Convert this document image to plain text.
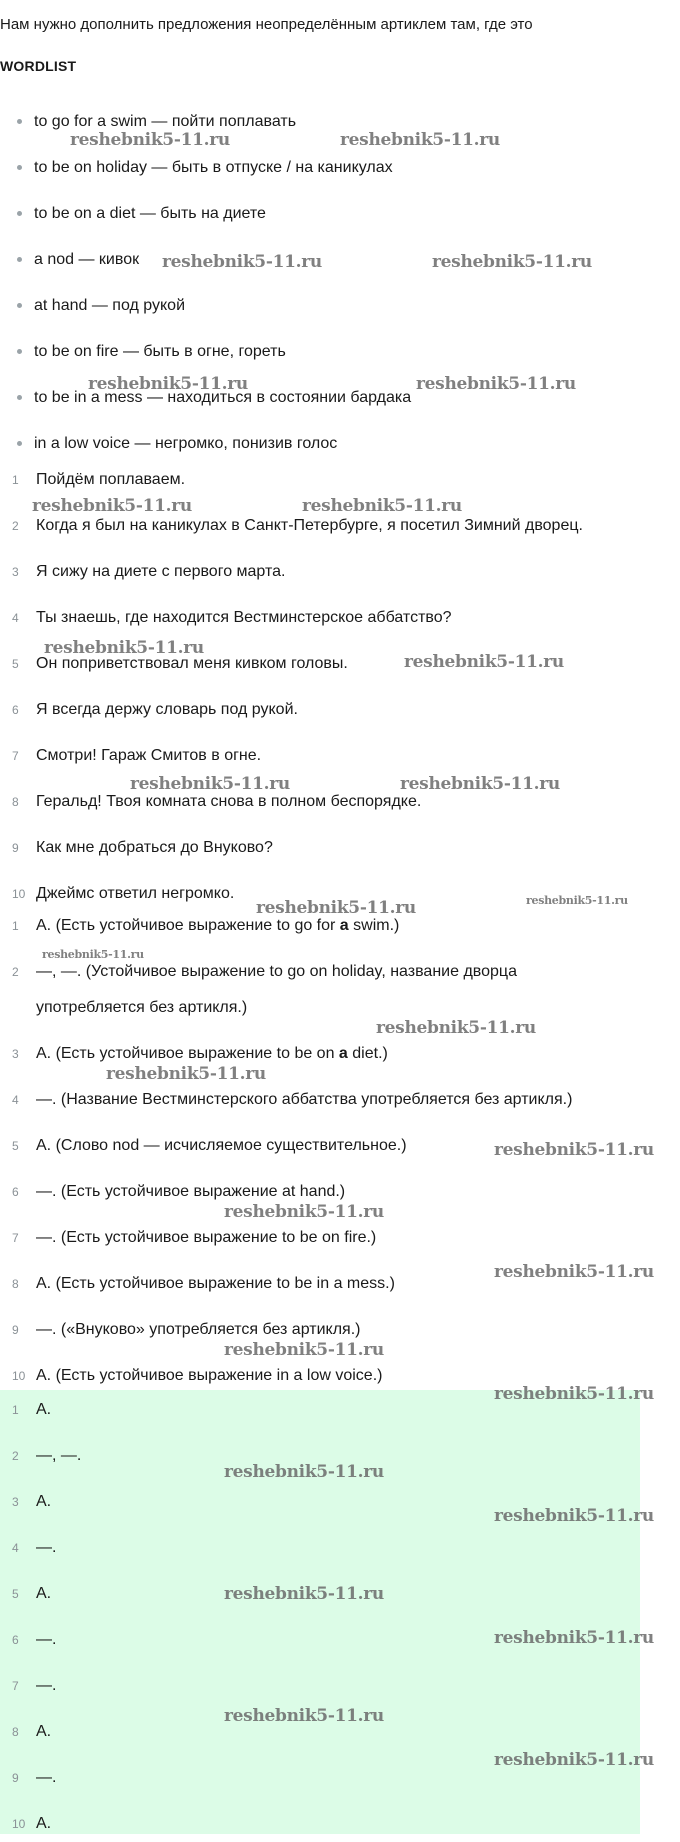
Нам нужно дополнить предложения неопределённым артиклем там, где это
WORDLIST
to go for a swim — пойти поплавать
to be on holiday — быть в отпуске / на каникулах
to be on a diet — быть на диете
a nod — кивок
at hand — под рукой
to be on fire — быть в огне, гореть
to be in a mess — находиться в состоянии бардака
in a low voice — негромко, понизив голос
1 Пойдём поплаваем.
2 Когда я был на каникулах в Санкт-Петербурге, я посетил Зимний дворец.
3 Я сижу на диете с первого марта.
4 Ты знаешь, где находится Вестминстерское аббатство?
5 Он поприветствовал меня кивком головы.
6 Я всегда держу словарь под рукой.
7 Смотри! Гараж Смитов в огне.
8 Геральд! Твоя комната снова в полном беспорядке.
9 Как мне добраться до Внуково?
10 Джеймс ответил негромко.
1 A. (Есть устойчивое выражение to go for a swim.)
2 —, —. (Устойчивое выражение to go on holiday, название дворца
употребляется без артикля.)
3 A. (Есть устойчивое выражение to be on a diet.)
4 —. (Название Вестминстерского аббатства употребляется без артикля.)
5 A. (Слово nod — исчисляемое существительное.)
6 —. (Есть устойчивое выражение at hand.)
7 —. (Есть устойчивое выражение to be on fire.)
8 A. (Есть устойчивое выражение to be in a mess.)
9 —. («Внуково» употребляется без артикля.)
10 A. (Есть устойчивое выражение in a low voice.)
1 A.
2 —, —.
3 A.
4 —.
5 A.
6 —.
7 —.
8 A.
9 —.
10 A.
reshebnik5-11.ru	reshebnik5-11.ru
reshebnik5-11.ru	reshebnik5-11.ru
reshebnik5-11.ru	reshebnik5-11.ru
reshebnik5-11.ru	reshebnik5-11.ru
reshebnik5-11.ru
reshebnik5-11.ru
reshebnik5-11.ru	reshebnik5-11.ru
reshebnik5-11.ru	reshebnik5-11.ru
reshebnik5-11.ru
reshebnik5-11.ru
reshebnik5-11.ru
reshebnik5-11.ru
reshebnik5-11.ru
reshebnik5-11.ru
reshebnik5-11.ru
reshebnik5-11.ru
reshebnik5-11.ru
reshebnik5-11.ru
reshebnik5-11.ru
reshebnik5-11.ru
reshebnik5-11.ru
reshebnik5-11.ru
